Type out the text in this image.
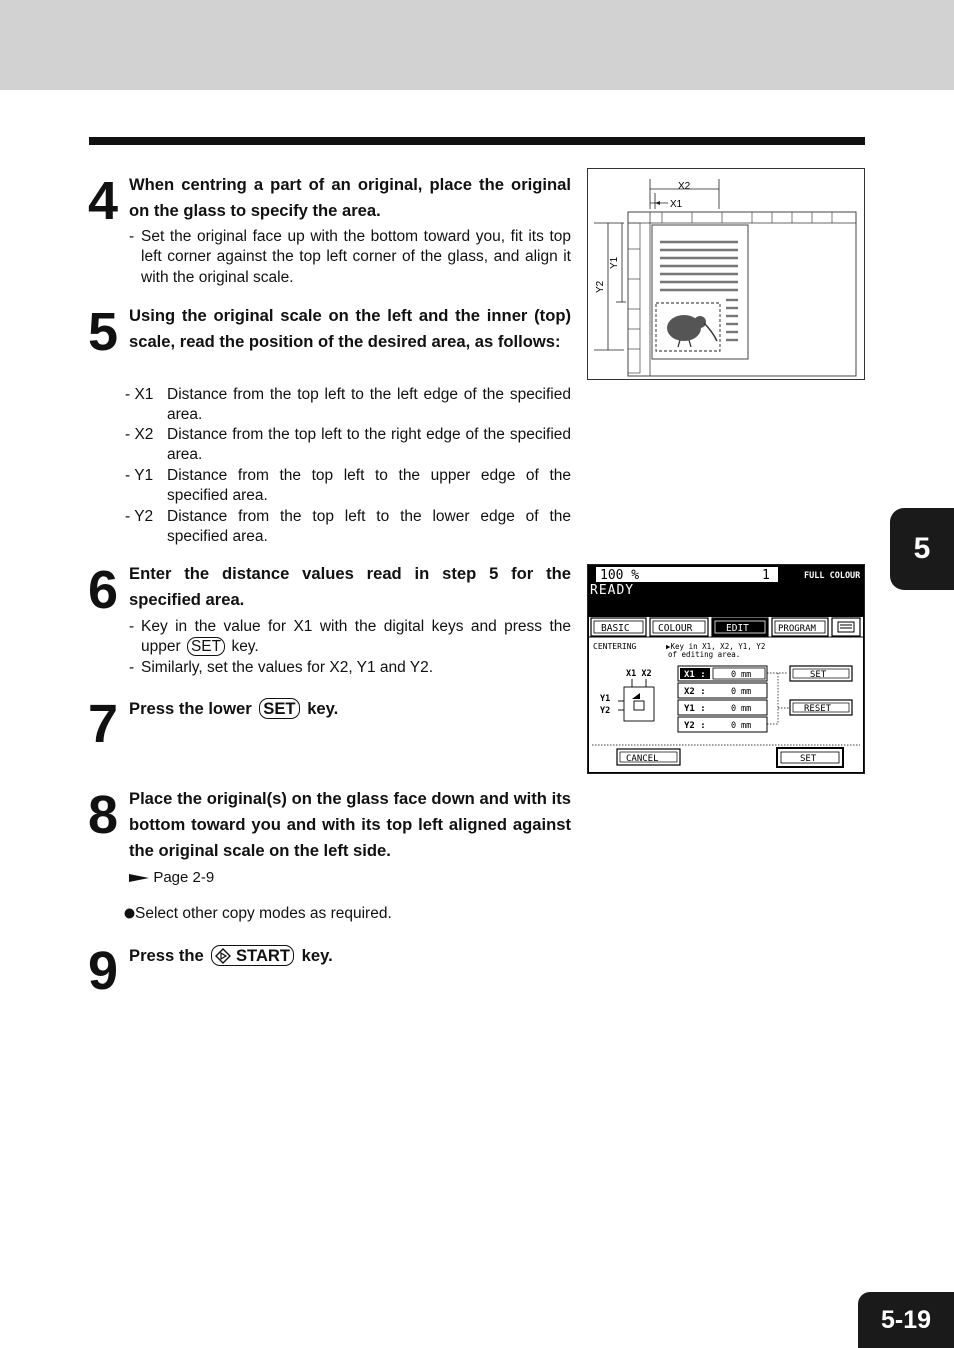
4 When centring a part of an original, place the original on the glass to specify the area.
- Set the original face up with the bottom toward you, fit its top left corner against the top left corner of the glass, and align it with the original scale.
5 Using the original scale on the left and the inner (top) scale, read the position of the desired area, as follows:
- X1 Distance from the top left to the left edge of the specified area.
- X2 Distance from the top left to the right edge of the specified area.
- Y1 Distance from the top left to the upper edge of the specified area.
- Y2 Distance from the top left to the lower edge of the specified area.
6 Enter the distance values read in step 5 for the specified area.
- Key in the value for X1 with the digital keys and press the upper SET key.
- Similarly, set the values for X2, Y1 and Y2.
7 Press the lower SET key.
8 Place the original(s) on the glass face down and with its bottom toward you and with its top left aligned against the original scale on the left side.
Page 2-9
Select other copy modes as required.
9 Press the START key.
X2
X1
Y1
Y2
100 %	1	FULL COLOUR
READY
BASIC	COLOUR	EDIT	PROGRAM
CENTERING	▶Key in X1, X2, Y1, Y2
of editing area.
X1 X2
Y1
Y2
X1 :	0 mm
X2 :	0 mm
Y1 :	0 mm
Y2 :	0 mm
SET
RESET
CANCEL	SET
5
5-19
